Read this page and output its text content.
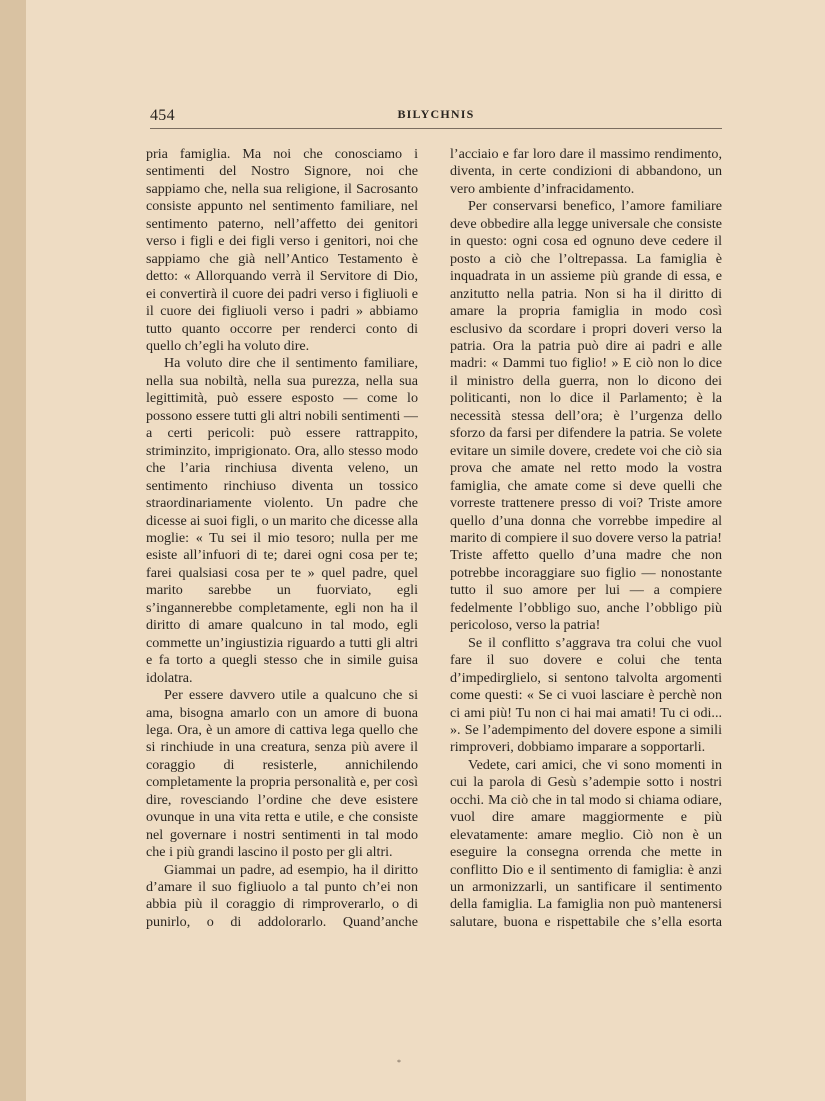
454	BILYCHNIS

pria famiglia. Ma noi che conosciamo i sentimenti del Nostro Signore, noi che sappiamo che, nella sua religione, il Sacrosanto consiste appunto nel sentimento familiare, nel sentimento paterno, nell’affetto dei genitori verso i figli e dei figli verso i genitori, noi che sappiamo che già nell’Antico Testamento è detto: « Allorquando verrà il Servitore di Dio, ei convertirà il cuore dei padri verso i figliuoli e il cuore dei figliuoli verso i padri » abbiamo tutto quanto occorre per renderci conto di quello ch’egli ha voluto dire.

Ha voluto dire che il sentimento familiare, nella sua nobiltà, nella sua purezza, nella sua legittimità, può essere esposto — come lo possono essere tutti gli altri nobili sentimenti — a certi pericoli: può essere rattrappito, striminzito, imprigionato. Ora, allo stesso modo che l’aria rinchiusa diventa veleno, un sentimento rinchiuso diventa un tossico straordinariamente violento. Un padre che dicesse ai suoi figli, o un marito che dicesse alla moglie: « Tu sei il mio tesoro; nulla per me esiste all’infuori di te; darei ogni cosa per te; farei qualsiasi cosa per te » quel padre, quel marito sarebbe un fuorviato, egli s’ingannerebbe completamente, egli non ha il diritto di amare qualcuno in tal modo, egli commette un’ingiustizia riguardo a tutti gli altri e fa torto a quegli stesso che in simile guisa idolatra.

Per essere davvero utile a qualcuno che si ama, bisogna amarlo con un amore di buona lega. Ora, è un amore di cattiva lega quello che si rinchiude in una creatura, senza più avere il coraggio di resisterle, annichilendo completamente la propria personalità e, per così dire, rovesciando l’ordine che deve esistere ovunque in una vita retta e utile, e che consiste nel governare i nostri sentimenti in tal modo che i più grandi lascino il posto per gli altri.

Giammai un padre, ad esempio, ha il diritto d’amare il suo figliuolo a tal punto ch’ei non abbia più il coraggio di rimproverarlo, o di punirlo, o di addolorarlo. Quand’anche

l’acciaio e far loro dare il massimo rendimento, diventa, in certe condizioni di abbandono, un vero ambiente d’infracidamento.

Per conservarsi benefico, l’amore familiare deve obbedire alla legge universale che consiste in questo: ogni cosa ed ognuno deve cedere il posto a ciò che l’oltrepassa. La famiglia è inquadrata in un assieme più grande di essa, e anzitutto nella patria. Non si ha il diritto di amare la propria famiglia in modo così esclusivo da scordare i propri doveri verso la patria. Ora la patria può dire ai padri e alle madri: « Dammi tuo figlio! » E ciò non lo dice il ministro della guerra, non lo dicono dei politicanti, non lo dice il Parlamento; è la necessità stessa dell’ora; è l’urgenza dello sforzo da farsi per difendere la patria. Se volete evitare un simile dovere, credete voi che ciò sia prova che amate nel retto modo la vostra famiglia, che amate come si deve quelli che vorreste trattenere presso di voi? Triste amore quello d’una donna che vorrebbe impedire al marito di compiere il suo dovere verso la patria! Triste affetto quello d’una madre che non potrebbe incoraggiare suo figlio — nonostante tutto il suo amore per lui — a compiere fedelmente l’obbligo suo, anche l’obbligo più pericoloso, verso la patria!

Se il conflitto s’aggrava tra colui che vuol fare il suo dovere e colui che tenta d’impedirglielo, si sentono talvolta argomenti come questi: « Se ci vuoi lasciare è perchè non ci ami più! Tu non ci hai mai amati! Tu ci odi... ». Se l’adempimento del dovere espone a simili rimproveri, dobbiamo imparare a sopportarli.

Vedete, cari amici, che vi sono momenti in cui la parola di Gesù s’adempie sotto i nostri occhi. Ma ciò che in tal modo si chiama odiare, vuol dire amare maggiormente e più elevatamente: amare meglio. Ciò non è un eseguire la consegna orrenda che mette in conflitto Dio e il sentimento di famiglia: è anzi un armonizzarli, un santificare il sentimento della famiglia. La famiglia non può mantenersi salutare, buona e rispettabile che s’ella esorta

*
